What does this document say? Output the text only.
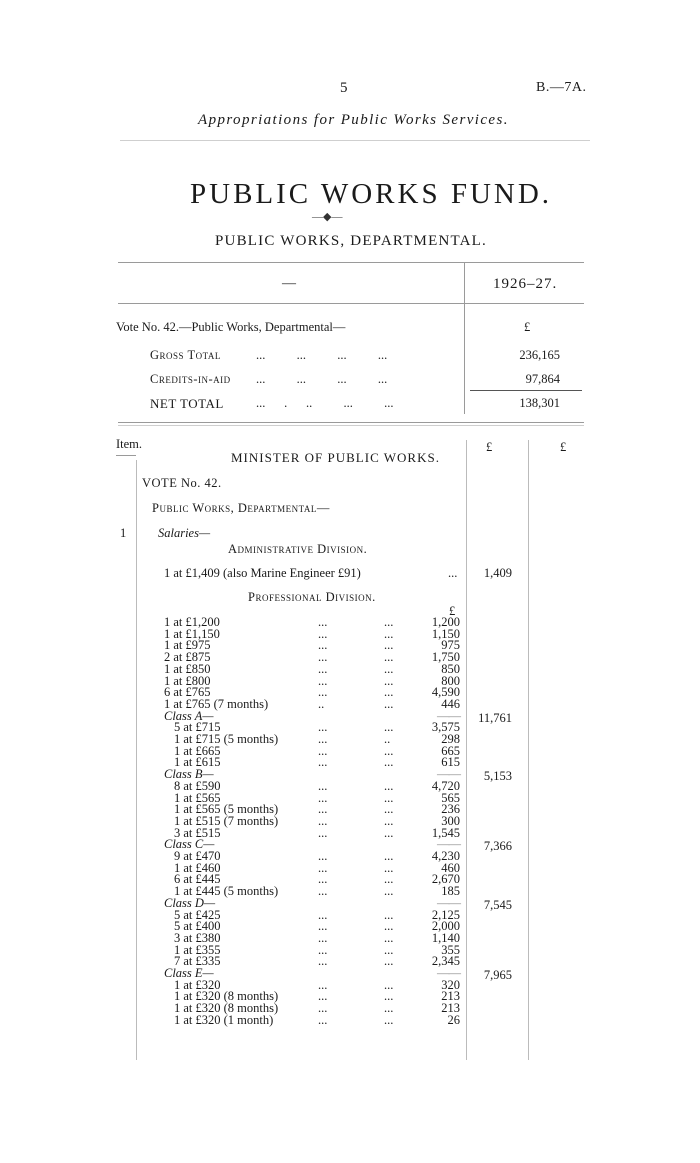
5	B.—7A.
Appropriations for Public Works Services.
PUBLIC WORKS FUND.
—◆—
PUBLIC WORKS, DEPARTMENTAL.
—	1926–27.
Vote No. 42.—Public Works, Departmental—	£
Gross Total	...          ...          ...          ...	236,165
Credits-in-aid ...          ...          ...          ...	97,864
NET TOTAL	...      .      ..          ...          ...	138,301
Item.	£	£
MINISTER OF PUBLIC WORKS.
VOTE No. 42.
Public Works, Departmental—
1	Salaries—
Administrative Division.
1 at £1,409 (also Marine Engineer £91)	... 1,409
Professional Division.
£
1 at £1,200	...	...	1,200
1 at £1,150	...	...	1,150
1 at £975	...	...	975
2 at £875	...	...	1,750
1 at £850	...	...	850
1 at £800	...	...	800
6 at £765	...	...	4,590
1 at £765 (7 months)	..	...	446
Class A—	—— 11,761
5 at £715	...	...	3,575
1 at £715 (5 months)	...	..	298
1 at £665	...	...	665
1 at £615	...	...	615
Class B—	—— 5,153
8 at £590	...	...	4,720
1 at £565	...	...	565
1 at £565 (5 months)	...	...	236
1 at £515 (7 months)	...	...	300
3 at £515	...	...	1,545
Class C—	—— 7,366
9 at £470	...	...	4,230
1 at £460	...	...	460
6 at £445	...	...	2,670
1 at £445 (5 months)	...	...	185
Class D—	—— 7,545
5 at £425	...	...	2,125
5 at £400	...	...	2,000
3 at £380	...	...	1,140
1 at £355	...	...	355
7 at £335	...	...	2,345
Class E—	—— 7,965
1 at £320	...	...	320
1 at £320 (8 months)	...	...	213
1 at £320 (8 months)	...	...	213
1 at £320 (1 month)	...	...	26
